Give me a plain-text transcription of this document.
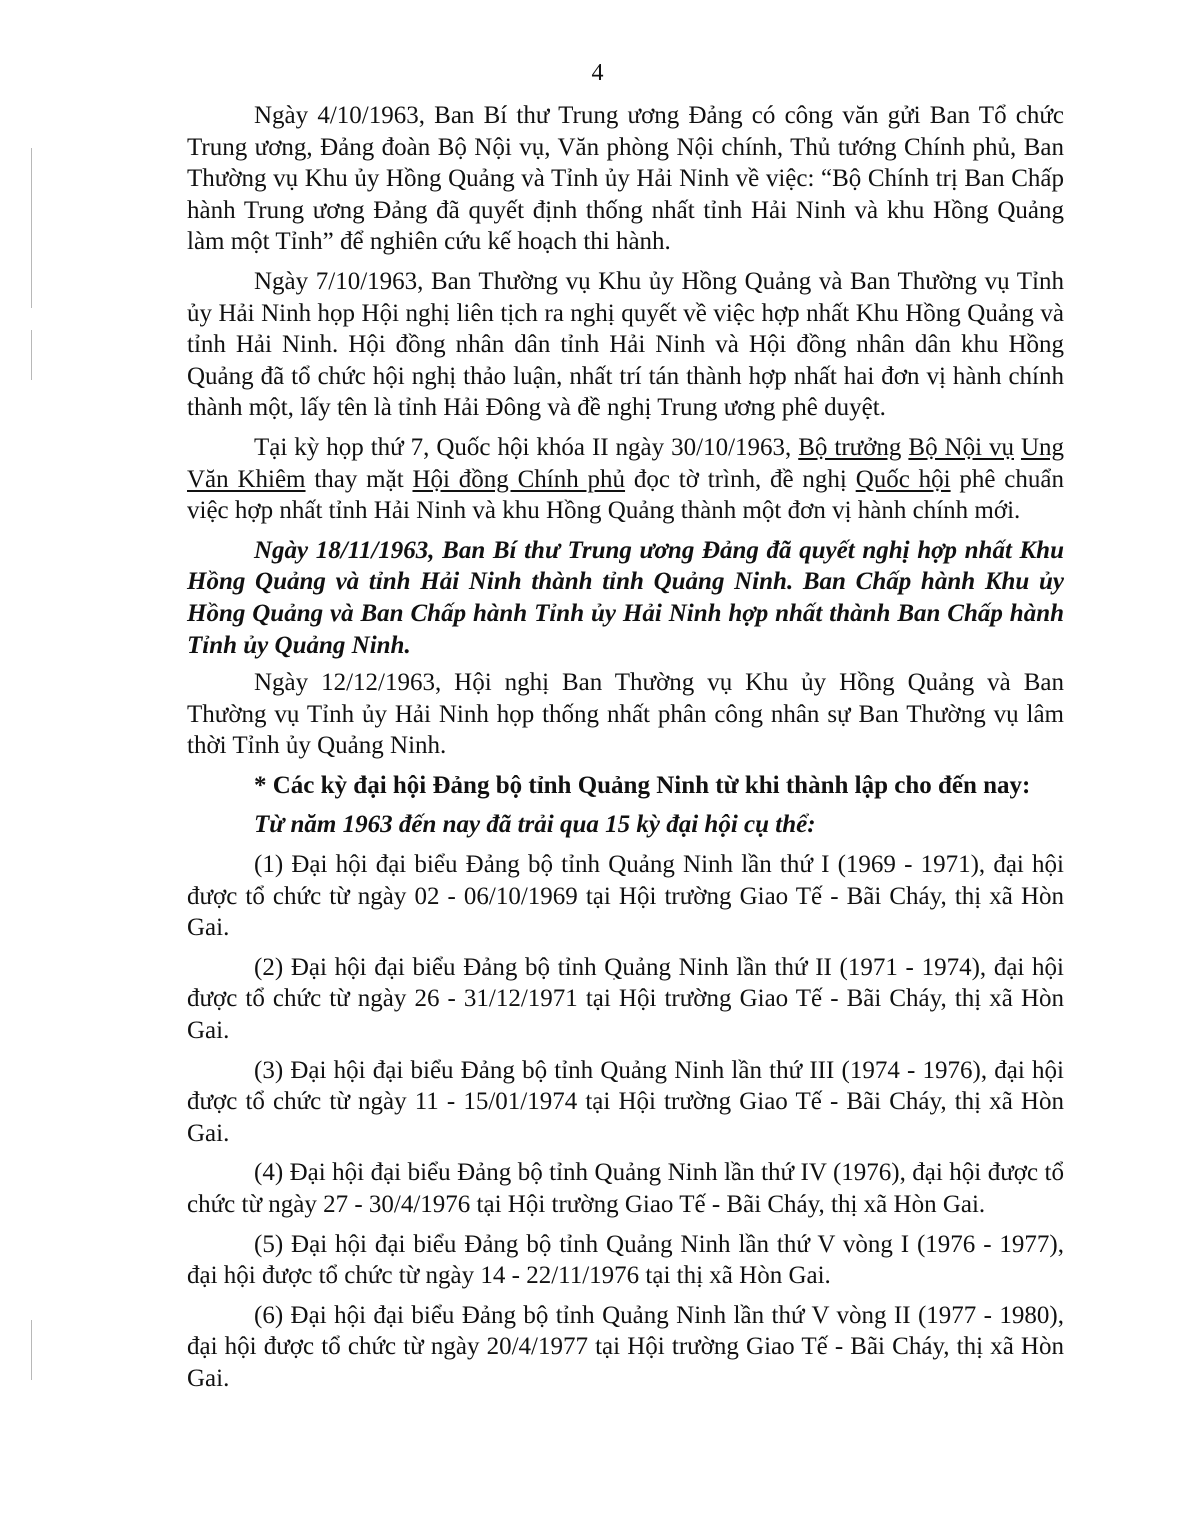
4

Ngày 4/10/1963, Ban Bí thư Trung ương Đảng có công văn gửi Ban Tổ chức Trung ương, Đảng đoàn Bộ Nội vụ, Văn phòng Nội chính, Thủ tướng Chính phủ, Ban Thường vụ Khu ủy Hồng Quảng và Tỉnh ủy Hải Ninh về việc: “Bộ Chính trị Ban Chấp hành Trung ương Đảng đã quyết định thống nhất tỉnh Hải Ninh và khu Hồng Quảng làm một Tỉnh” để nghiên cứu kế hoạch thi hành.

Ngày 7/10/1963, Ban Thường vụ Khu ủy Hồng Quảng và Ban Thường vụ Tỉnh ủy Hải Ninh họp Hội nghị liên tịch ra nghị quyết về việc hợp nhất Khu Hồng Quảng và tỉnh Hải Ninh. Hội đồng nhân dân tỉnh Hải Ninh và Hội đồng nhân dân khu Hồng Quảng đã tổ chức hội nghị thảo luận, nhất trí tán thành hợp nhất hai đơn vị hành chính thành một, lấy tên là tỉnh Hải Đông và đề nghị Trung ương phê duyệt.

Tại kỳ họp thứ 7, Quốc hội khóa II ngày 30/10/1963, Bộ trưởng Bộ Nội vụ Ung Văn Khiêm thay mặt Hội đồng Chính phủ đọc tờ trình, đề nghị Quốc hội phê chuẩn việc hợp nhất tỉnh Hải Ninh và khu Hồng Quảng thành một đơn vị hành chính mới.

Ngày 18/11/1963, Ban Bí thư Trung ương Đảng đã quyết nghị hợp nhất Khu Hồng Quảng và tỉnh Hải Ninh thành tỉnh Quảng Ninh. Ban Chấp hành Khu ủy Hồng Quảng và Ban Chấp hành Tỉnh ủy Hải Ninh hợp nhất thành Ban Chấp hành Tỉnh ủy Quảng Ninh.

Ngày 12/12/1963, Hội nghị Ban Thường vụ Khu ủy Hồng Quảng và Ban Thường vụ Tỉnh ủy Hải Ninh họp thống nhất phân công nhân sự Ban Thường vụ lâm thời Tỉnh ủy Quảng Ninh.

* Các kỳ đại hội Đảng bộ tỉnh Quảng Ninh từ khi thành lập cho đến nay:

Từ năm 1963 đến nay đã trải qua 15 kỳ đại hội cụ thể:

(1) Đại hội đại biểu Đảng bộ tỉnh Quảng Ninh lần thứ I (1969 - 1971), đại hội được tổ chức từ ngày 02 - 06/10/1969 tại Hội trường Giao Tế - Bãi Cháy, thị xã Hòn Gai.

(2) Đại hội đại biểu Đảng bộ tỉnh Quảng Ninh lần thứ II (1971 - 1974), đại hội được tổ chức từ ngày 26 - 31/12/1971 tại Hội trường Giao Tế - Bãi Cháy, thị xã Hòn Gai.

(3) Đại hội đại biểu Đảng bộ tỉnh Quảng Ninh lần thứ III (1974 - 1976), đại hội được tổ chức từ ngày 11 - 15/01/1974 tại Hội trường Giao Tế - Bãi Cháy, thị xã Hòn Gai.

(4) Đại hội đại biểu Đảng bộ tỉnh Quảng Ninh lần thứ IV (1976), đại hội được tổ chức từ ngày 27 - 30/4/1976 tại Hội trường Giao Tế - Bãi Cháy, thị xã Hòn Gai.

(5) Đại hội đại biểu Đảng bộ tỉnh Quảng Ninh lần thứ V vòng I (1976 - 1977), đại hội được tổ chức từ ngày 14 - 22/11/1976 tại thị xã Hòn Gai.

(6) Đại hội đại biểu Đảng bộ tỉnh Quảng Ninh lần thứ V vòng II (1977 - 1980), đại hội được tổ chức từ ngày 20/4/1977 tại Hội trường Giao Tế - Bãi Cháy, thị xã Hòn Gai.
